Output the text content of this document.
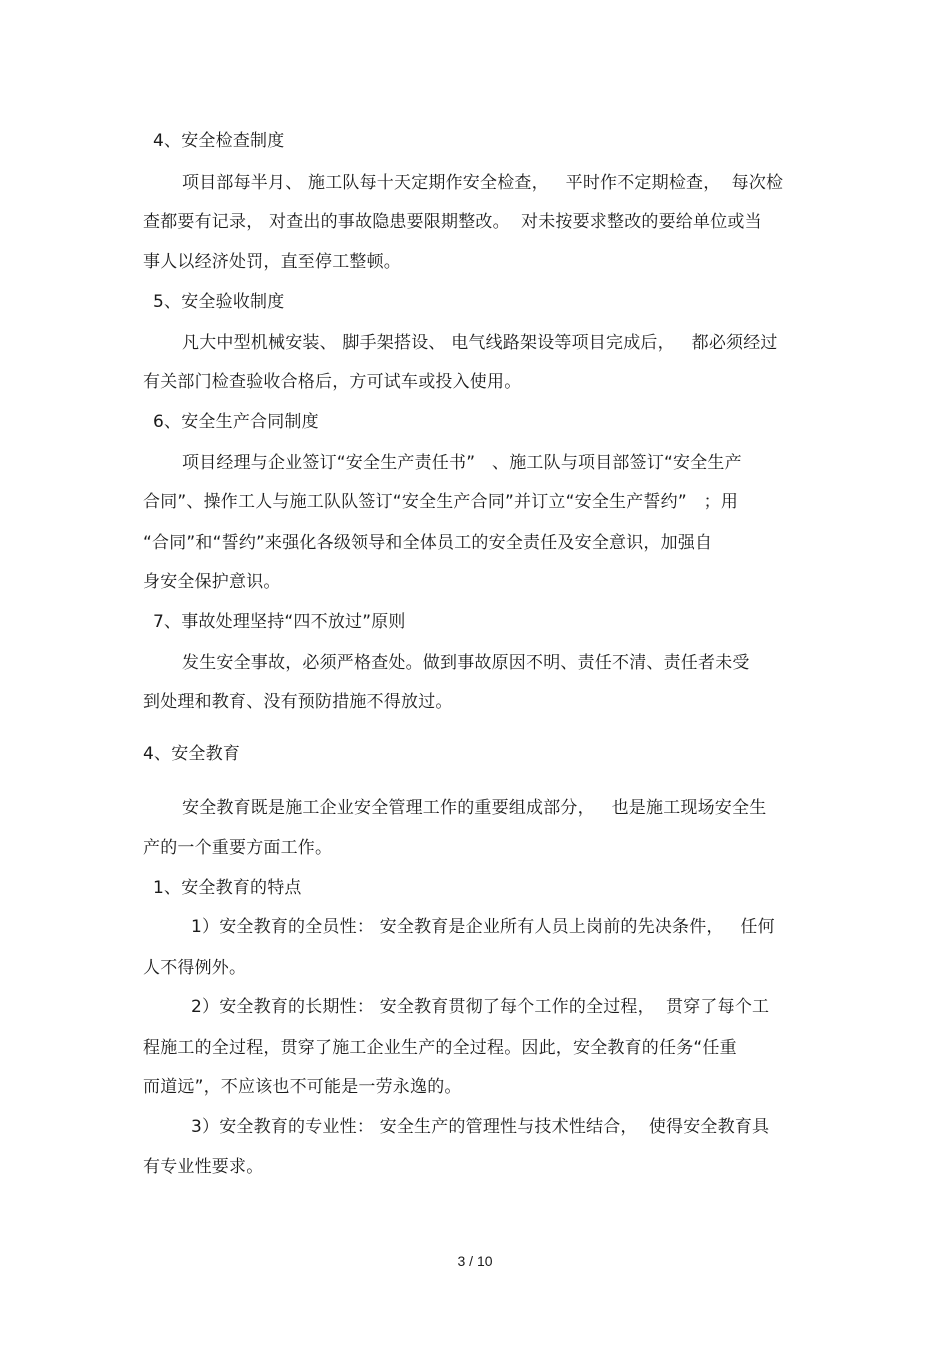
4、安全检查制度
项目部每半月、 施工队每十天定期作安全检查，   平时作不定期检查，  每次检
查都要有记录， 对查出的事故隐患要限期整改。  对未按要求整改的要给单位或当
事人以经济处罚，直至停工整顿。
5、安全验收制度
凡大中型机械安装、 脚手架搭设、 电气线路架设等项目完成后，   都必须经过
有关部门检查验收合格后，方可试车或投入使用。
6、安全生产合同制度
项目经理与企业签订“安全生产责任书”   、施工队与项目部签订“安全生产
合同”、操作工人与施工队队签订“安全生产合同”并订立“安全生产誓约”   ；用
“合同”和“誓约”来强化各级领导和全体员工的安全责任及安全意识，加强自
身安全保护意识。
7、事故处理坚持“四不放过”原则
发生安全事故，必须严格查处。做到事故原因不明、责任不清、责任者未受
到处理和教育、没有预防措施不得放过。
4、安全教育
安全教育既是施工企业安全管理工作的重要组成部分，   也是施工现场安全生
产的一个重要方面工作。
1、安全教育的特点
1）安全教育的全员性： 安全教育是企业所有人员上岗前的先决条件，   任何
人不得例外。
2）安全教育的长期性： 安全教育贯彻了每个工作的全过程，  贯穿了每个工
程施工的全过程，贯穿了施工企业生产的全过程。因此，安全教育的任务“任重
而道远”，不应该也不可能是一劳永逸的。
3）安全教育的专业性： 安全生产的管理性与技术性结合，  使得安全教育具
有专业性要求。
3 / 10
